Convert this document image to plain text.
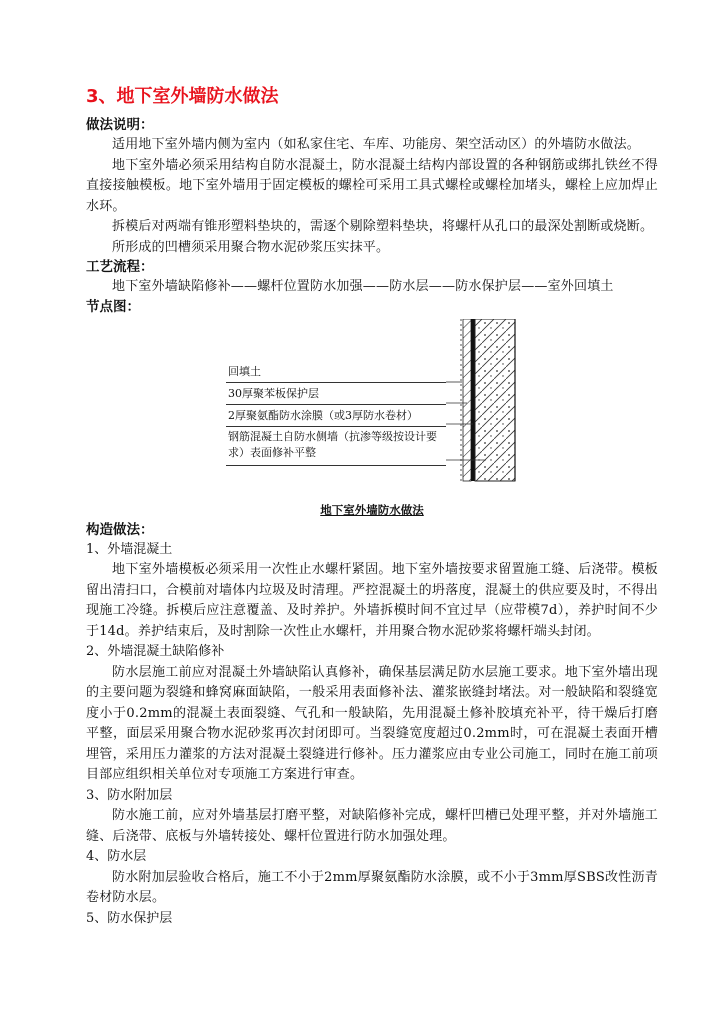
3、地下室外墙防水做法
做法说明：

适用地下室外墙内侧为室内（如私家住宅、车库、功能房、架空活动区）的外墙防水做法。

地下室外墙必须采用结构自防水混凝土，防水混凝土结构内部设置的各种钢筋或绑扎铁丝不得直接接触模板。地下室外墙用于固定模板的螺栓可采用工具式螺栓或螺栓加堵头，螺栓上应加焊止水环。

拆模后对两端有锥形塑料垫块的，需逐个剔除塑料垫块，将螺杆从孔口的最深处割断或烧断。

所形成的凹槽须采用聚合物水泥砂浆压实抹平。

工艺流程：

地下室外墙缺陷修补——螺杆位置防水加强——防水层——防水保护层——室外回填土

节点图：
回填土
30厚聚苯板保护层
2厚聚氨酯防水涂膜（或3厚防水卷材）
钢筋混凝土自防水侧墙（抗渗等级按设计要求）表面修补平整
地下室外墙防水做法
构造做法：
1、外墙混凝土

地下室外墙模板必须采用一次性止水螺杆紧固。地下室外墙按要求留置施工缝、后浇带。模板留出清扫口，合模前对墙体内垃圾及时清理。严控混凝土的坍落度，混凝土的供应要及时，不得出现施工冷缝。拆模后应注意覆盖、及时养护。外墙拆模时间不宜过早（应带模7d），养护时间不少于14d。养护结束后，及时割除一次性止水螺杆，并用聚合物水泥砂浆将螺杆端头封闭。

2、外墙混凝土缺陷修补

防水层施工前应对混凝土外墙缺陷认真修补，确保基层满足防水层施工要求。地下室外墙出现的主要问题为裂缝和蜂窝麻面缺陷，一般采用表面修补法、灌浆嵌缝封堵法。对一般缺陷和裂缝宽度小于0.2mm的混凝土表面裂缝、气孔和一般缺陷，先用混凝土修补胶填充补平，待干燥后打磨平整，面层采用聚合物水泥砂浆再次封闭即可。当裂缝宽度超过0.2mm时，可在混凝土表面开槽埋管，采用压力灌浆的方法对混凝土裂缝进行修补。压力灌浆应由专业公司施工，同时在施工前项目部应组织相关单位对专项施工方案进行审查。

3、防水附加层

防水施工前，应对外墙基层打磨平整，对缺陷修补完成，螺杆凹槽已处理平整，并对外墙施工缝、后浇带、底板与外墙转接处、螺杆位置进行防水加强处理。

4、防水层

防水附加层验收合格后，施工不小于2mm厚聚氨酯防水涂膜，或不小于3mm厚SBS改性沥青卷材防水层。

5、防水保护层
